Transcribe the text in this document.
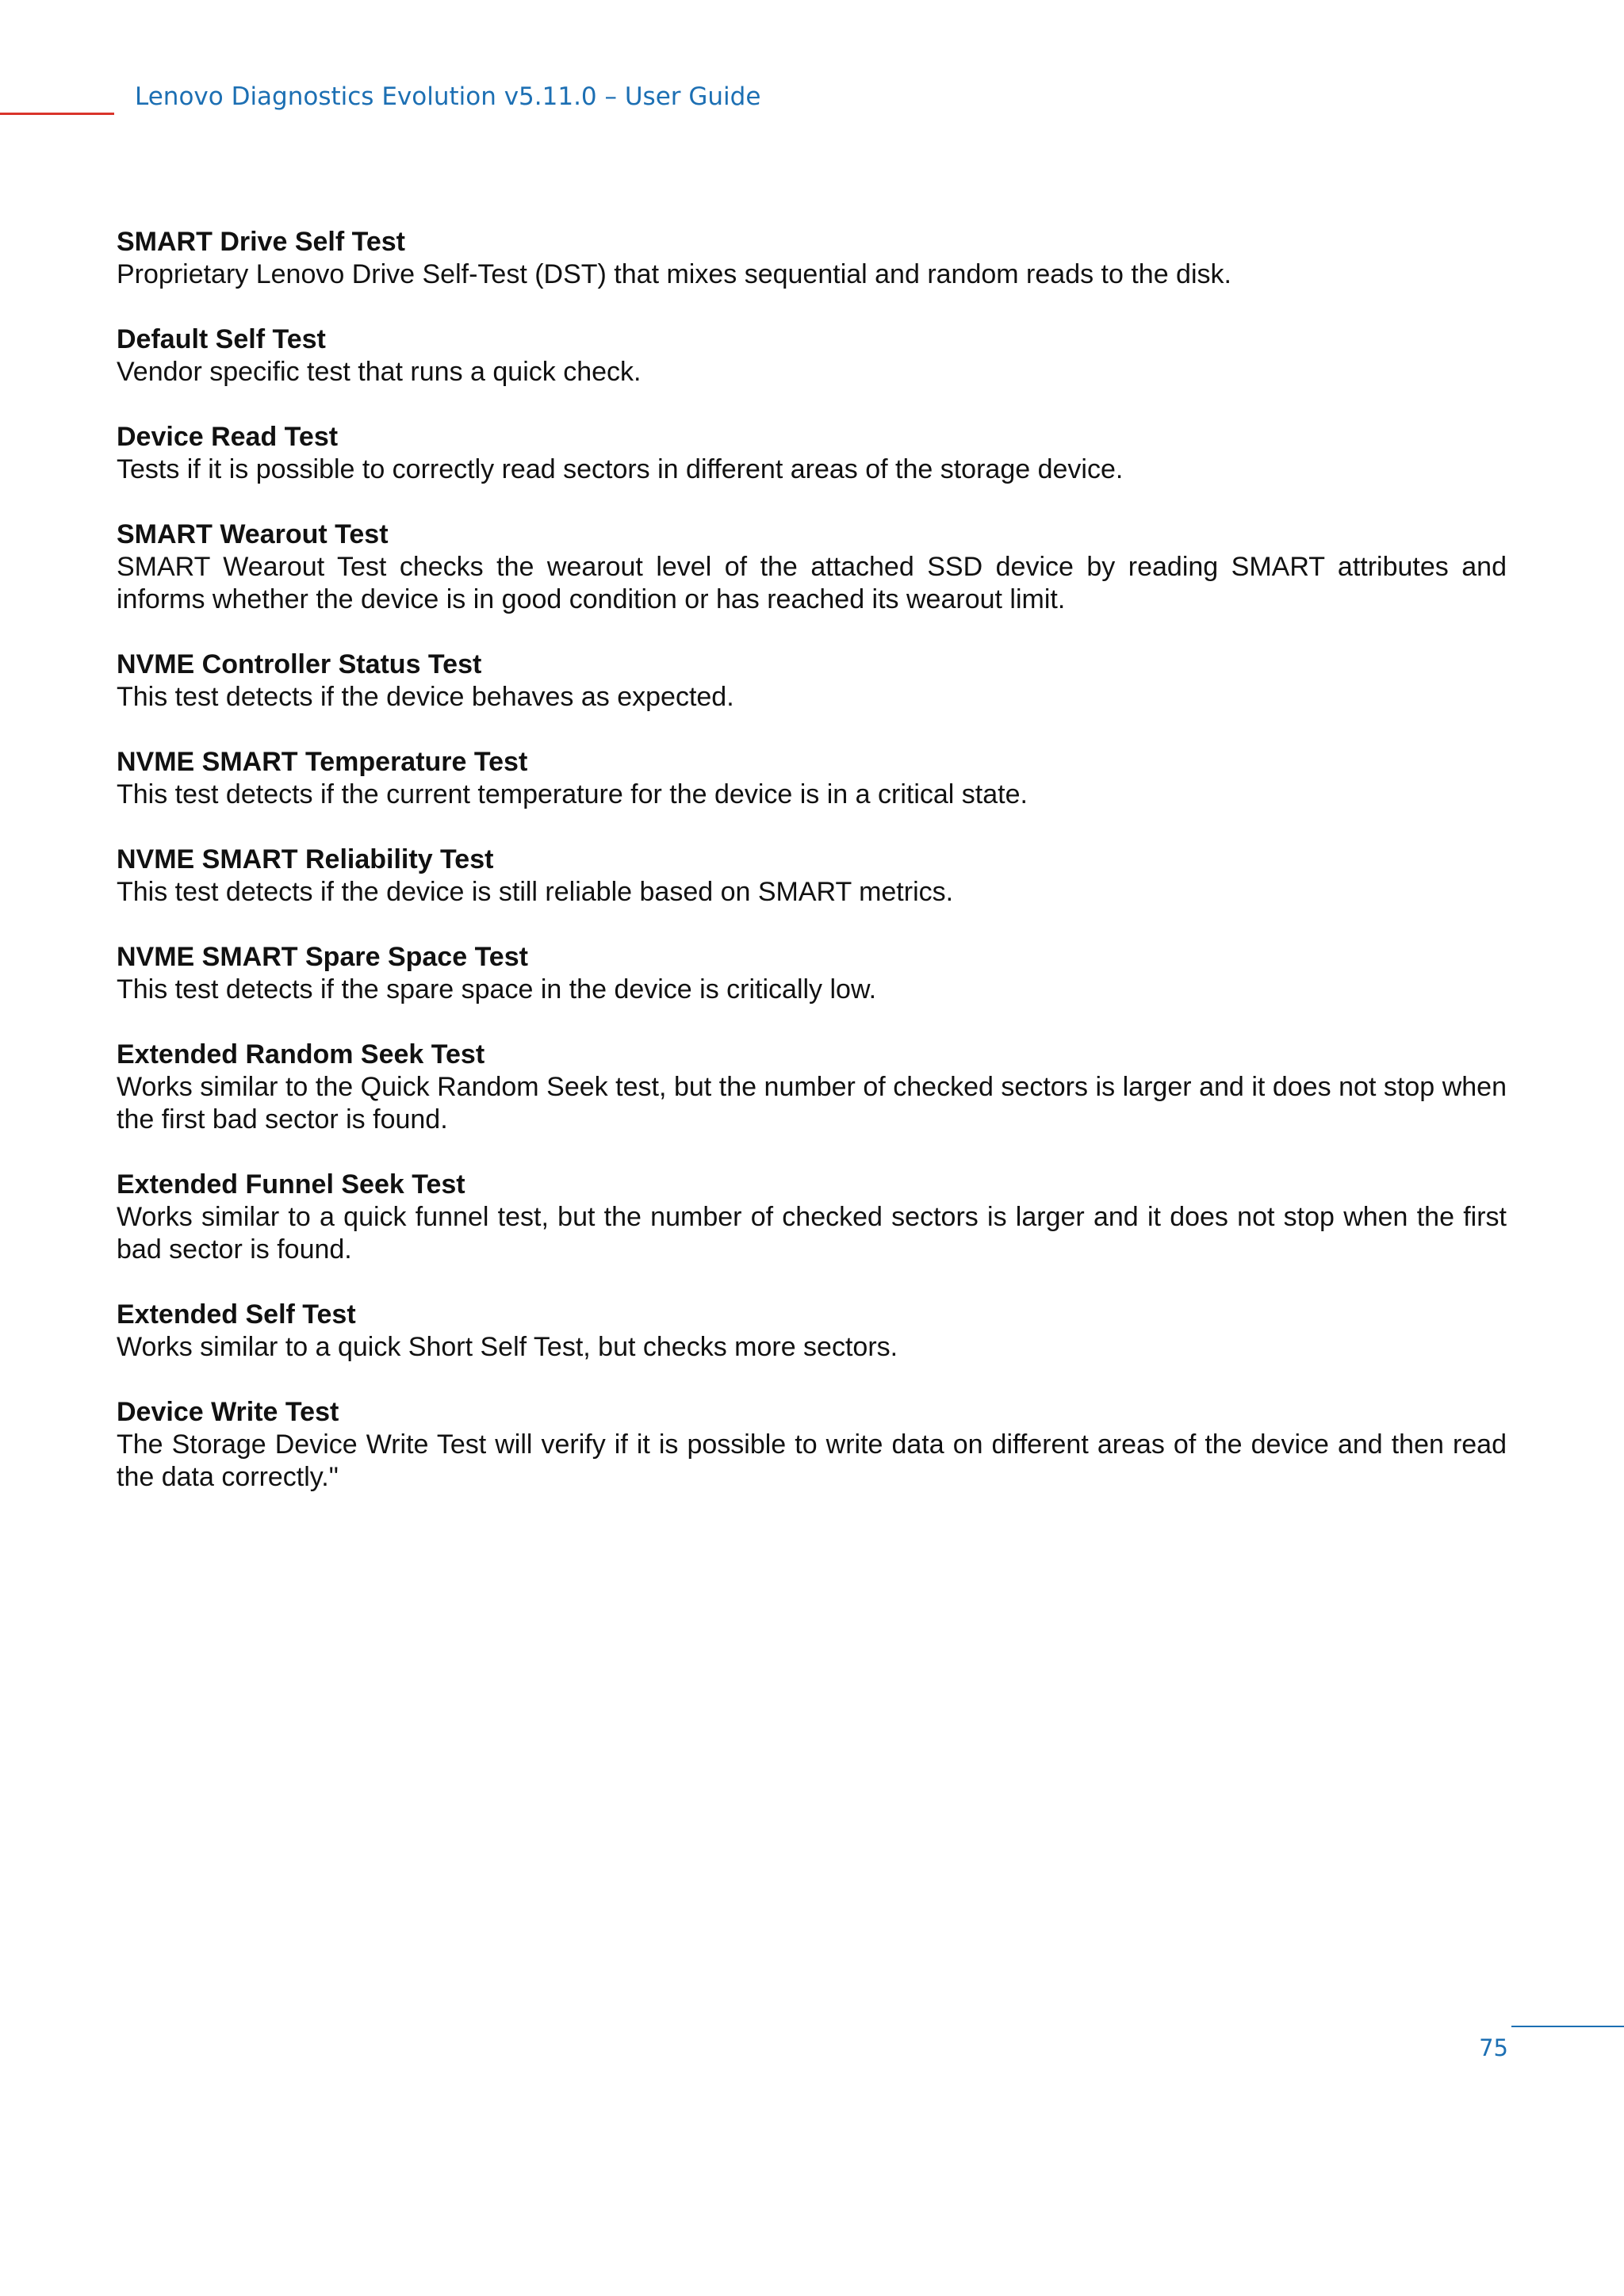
Lenovo Diagnostics Evolution v5.11.0 – User Guide

SMART Drive Self Test

Proprietary Lenovo Drive Self-Test (DST) that mixes sequential and random reads to the disk.

Default Self Test

Vendor specific test that runs a quick check.

Device Read Test

Tests if it is possible to correctly read sectors in different areas of the storage device.

SMART Wearout Test

SMART Wearout Test checks the wearout level of the attached SSD device by reading SMART attributes and informs whether the device is in good condition or has reached its wearout limit.

NVME Controller Status Test

This test detects if the device behaves as expected.

NVME SMART Temperature Test

This test detects if the current temperature for the device is in a critical state.

NVME SMART Reliability Test

This test detects if the device is still reliable based on SMART metrics.

NVME SMART Spare Space Test

This test detects if the spare space in the device is critically low.

Extended Random Seek Test

Works similar to the Quick Random Seek test, but the number of checked sectors is larger and it does not stop when the first bad sector is found.

Extended Funnel Seek Test

Works similar to a quick funnel test, but the number of checked sectors is larger and it does not stop when the first bad sector is found.

Extended Self Test

Works similar to a quick Short Self Test, but checks more sectors.

Device Write Test

The Storage Device Write Test will verify if it is possible to write data on different areas of the device and then read the data correctly."

75
